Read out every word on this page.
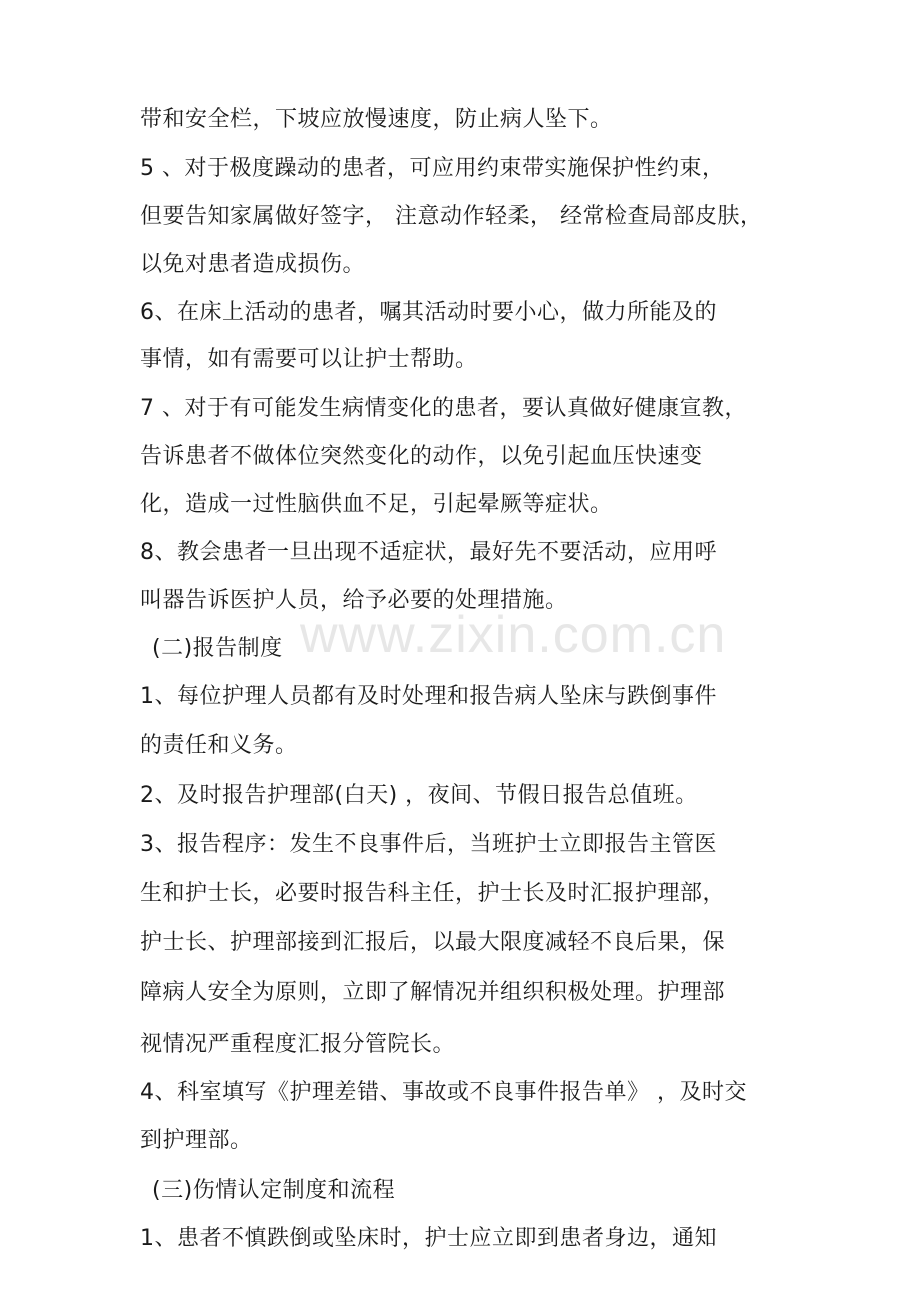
带和安全栏，下坡应放慢速度，防止病人坠下。
5 、对于极度躁动的患者，可应用约束带实施保护性约束，
但要告知家属做好签字， 注意动作轻柔， 经常检查局部皮肤，
以免对患者造成损伤。
6、在床上活动的患者，嘱其活动时要小心，做力所能及的
事情，如有需要可以让护士帮助。
7 、对于有可能发生病情变化的患者，要认真做好健康宣教，
告诉患者不做体位突然变化的动作，以免引起血压快速变
化，造成一过性脑供血不足，引起晕厥等症状。
8、教会患者一旦出现不适症状，最好先不要活动，应用呼
叫器告诉医护人员，给予必要的处理措施。
(二)报告制度
1、每位护理人员都有及时处理和报告病人坠床与跌倒事件
的责任和义务。
2、及时报告护理部(白天) ，夜间、节假日报告总值班。
3、报告程序：发生不良事件后，当班护士立即报告主管医
生和护士长，必要时报告科主任，护士长及时汇报护理部，
护士长、护理部接到汇报后，以最大限度减轻不良后果，保
障病人安全为原则，立即了解情况并组织积极处理。护理部
视情况严重程度汇报分管院长。
4、科室填写《护理差错、事故或不良事件报告单》 ，及时交
到护理部。
(三)伤情认定制度和流程
1、患者不慎跌倒或坠床时，护士应立即到患者身边，通知
www.zixin.com.cn
